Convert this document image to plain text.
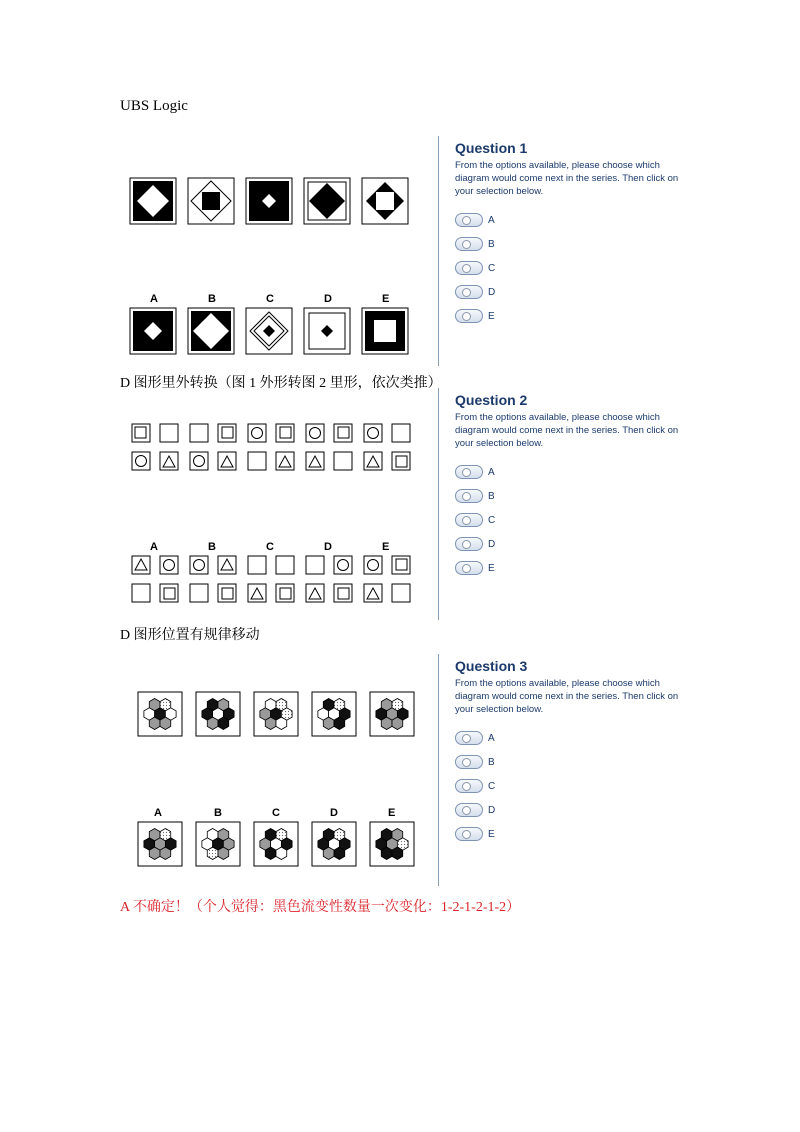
UBS Logic
A	B	C	D	E
Question 1
From the options available, please choose which diagram would come next in the series. Then click on your selection below.
A
B
C
D
E
D 图形里外转换（图 1 外形转图 2 里形，依次类推）
A	B	C	D	E
Question 2
From the options available, please choose which diagram would come next in the series. Then click on your selection below.
A
B
C
D
E
D 图形位置有规律移动
A	B	C	D	E
Question 3
From the options available, please choose which diagram would come next in the series. Then click on your selection below.
A
B
C
D
E
A 不确定！（个人觉得：黑色流变性数量一次变化：1-2-1-2-1-2）
